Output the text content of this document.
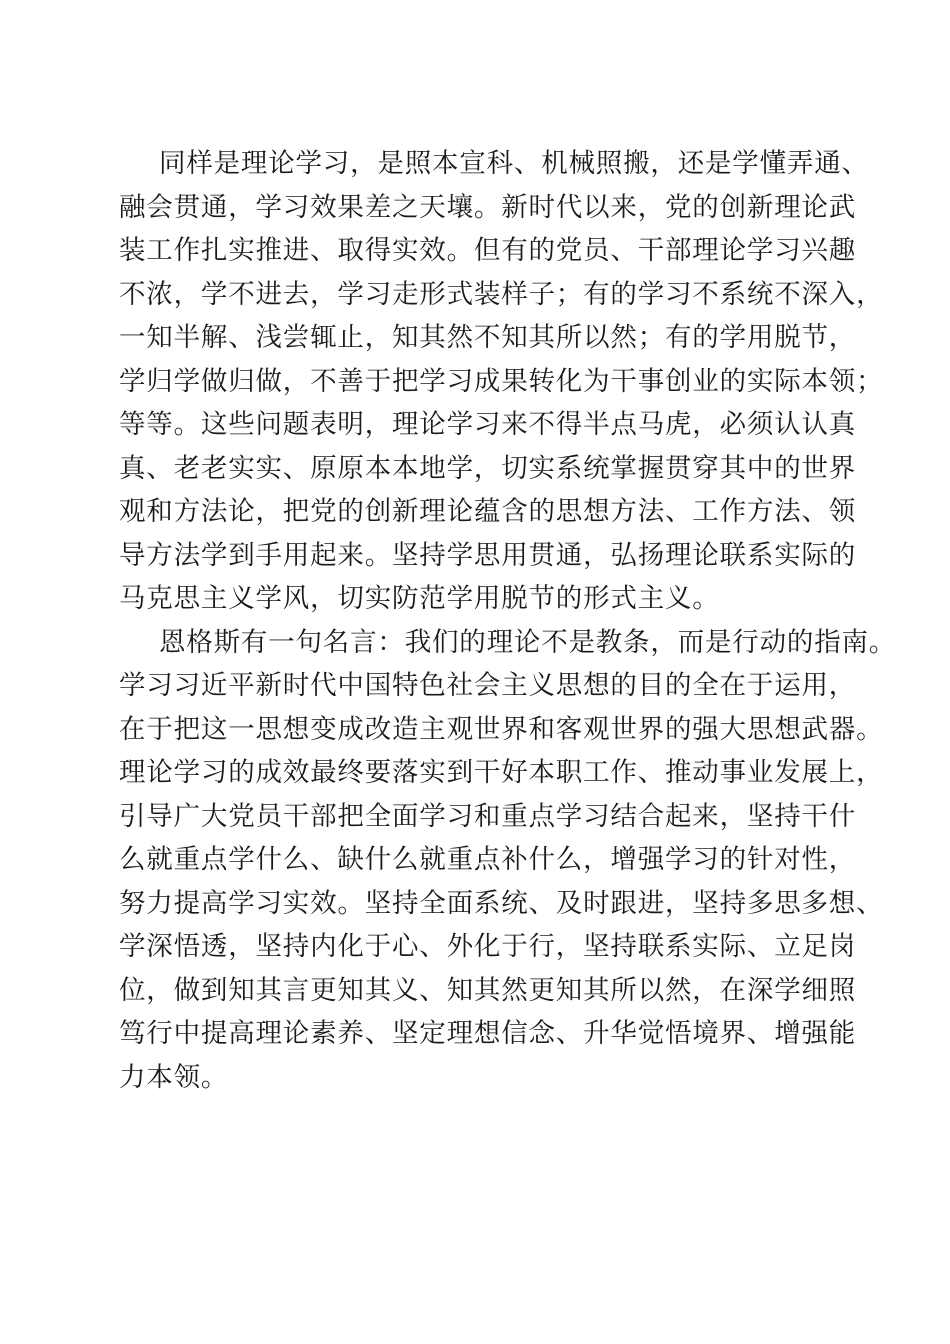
同样是理论学习，是照本宣科、机械照搬，还是学懂弄通、
融会贯通，学习效果差之天壤。新时代以来，党的创新理论武
装工作扎实推进、取得实效。但有的党员、干部理论学习兴趣
不浓，学不进去，学习走形式装样子；有的学习不系统不深入，
一知半解、浅尝辄止，知其然不知其所以然；有的学用脱节，
学归学做归做，不善于把学习成果转化为干事创业的实际本领；
等等。这些问题表明，理论学习来不得半点马虎，必须认认真
真、老老实实、原原本本地学，切实系统掌握贯穿其中的世界
观和方法论，把党的创新理论蕴含的思想方法、工作方法、领
导方法学到手用起来。坚持学思用贯通，弘扬理论联系实际的
马克思主义学风，切实防范学用脱节的形式主义。
恩格斯有一句名言：我们的理论不是教条，而是行动的指南。
学习习近平新时代中国特色社会主义思想的目的全在于运用，
在于把这一思想变成改造主观世界和客观世界的强大思想武器。
理论学习的成效最终要落实到干好本职工作、推动事业发展上，
引导广大党员干部把全面学习和重点学习结合起来，坚持干什
么就重点学什么、缺什么就重点补什么，增强学习的针对性，
努力提高学习实效。坚持全面系统、及时跟进，坚持多思多想、
学深悟透，坚持内化于心、外化于行，坚持联系实际、立足岗
位，做到知其言更知其义、知其然更知其所以然，在深学细照
笃行中提高理论素养、坚定理想信念、升华觉悟境界、增强能
力本领。
